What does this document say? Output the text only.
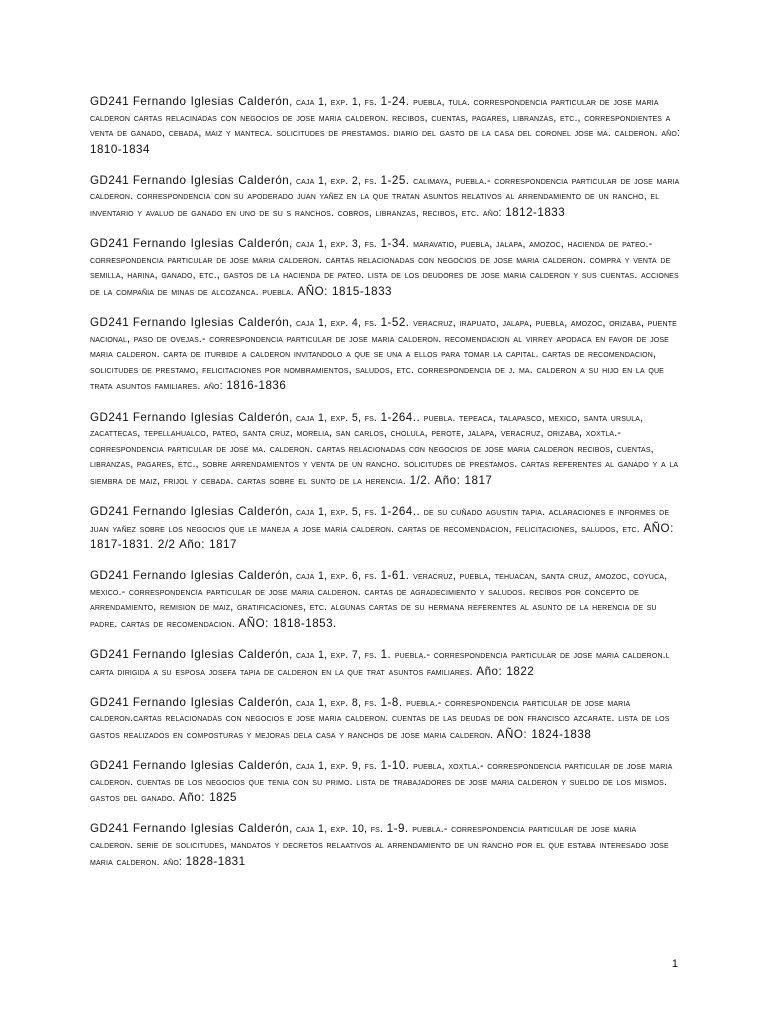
GD241 Fernando Iglesias Calderón, caja 1, exp. 1, fs. 1-24. puebla, tula. correspondencia particular de jose maria calderon cartas relacinadas con negocios de jose maria calderon. recibos, cuentas, pagares, libranzas, etc., correspondientes a venta de ganado, cebada, maiz y manteca. solicitudes de prestamos. diario del gasto de la casa del coronel jose ma. calderon. año: 1810-1834

GD241 Fernando Iglesias Calderón, caja 1, exp. 2, fs. 1-25. calimaya, puebla.- correspondencia particular de jose maria calderon. correspondencia con su apoderado juan yañez en la que tratan asuntos relativos al arrendamiento de un rancho, el inventario y avaluo de ganado en uno de su s ranchos. cobros, libranzas, recibos, etc. año: 1812-1833

GD241 Fernando Iglesias Calderón, caja 1, exp. 3, fs. 1-34. maravatio, puebla, jalapa, amozoc, hacienda de pateo.- correspondencia particular de jose maria calderon. cartas relacionadas con negocios de jose maria calderon. compra y venta de semilla, harina, ganado, etc., gastos de la hacienda de pateo. lista de los deudores de jose maria calderon y sus cuentas. acciones de la compañia de minas de alcozanca. puebla. AÑO: 1815-1833

GD241 Fernando Iglesias Calderón, caja 1, exp. 4, fs. 1-52. veracruz, irapuato, jalapa, puebla, amozoc, orizaba, puente nacional, paso de ovejas.- correspondencia particular de jose maria calderon. recomendacion al virrey apodaca en favor de jose maria calderon. carta de iturbide a calderon invitandolo a que se una a ellos para tomar la capital. cartas de recomendacion, solicitudes de prestamo, felicitaciones por nombramientos, saludos, etc. correspondencia de j. ma. calderon a su hijo en la que trata asuntos familiares. año: 1816-1836

GD241 Fernando Iglesias Calderón, caja 1, exp. 5, fs. 1-264.. puebla. tepeaca, talapasco, mexico, santa ursula, zacattecas, tepellahualco, pateo, santa cruz, morelia, san carlos, cholula, perote, jalapa, veracruz, orizaba, xoxtla.- correspondencia particular de jose ma. calderon. cartas relacionadas con negocios de jose maria calderon recibos, cuentas, libranzas, pagares, etc., sobre arrendamientos y venta de un rancho. solicitudes de prestamos. cartas referentes al ganado y a la siembra de maiz, frijol y cebada. cartas sobre el sunto de la herencia. 1/2. Año: 1817

GD241 Fernando Iglesias Calderón, caja 1, exp. 5, fs. 1-264.. de su cuñado agustin tapia. aclaraciones e informes de juan yañez sobre los negocios que le maneja a jose maria calderon. cartas de recomendacion, felicitaciones, saludos, etc. AÑO: 1817-1831. 2/2 Año: 1817

GD241 Fernando Iglesias Calderón, caja 1, exp. 6, fs. 1-61. veracruz, puebla, tehuacan, santa cruz, amozoc, coyuca, mexico.- correspondencia particular de jose maria calderon. cartas de agradecimiento y saludos. recibos por concepto de arrendamiento, remision de maiz, gratificaciones, etc. algunas cartas de su hermana referentes al asunto de la herencia de su padre. cartas de recomendacion. AÑO: 1818-1853.

GD241 Fernando Iglesias Calderón, caja 1, exp. 7, fs. 1. puebla.- correspondencia particular de jose maria calderon.l carta dirigida a su esposa josefa tapia de calderon en la que trat asuntos familiares. Año: 1822

GD241 Fernando Iglesias Calderón, caja 1, exp. 8, fs. 1-8. puebla.- correspondencia particular de jose maria calderon.cartas relacionadas con negocios e jose maria calderon. cuentas de las deudas de don francisco azcarate. lista de los gastos realizados en composturas y mejoras dela casa y ranchos de jose maria calderon. AÑO: 1824-1838

GD241 Fernando Iglesias Calderón, caja 1, exp. 9, fs. 1-10. puebla, xoxtla.- correspondencia particular de jose maria calderon. cuentas de los negocios que tenia con su primo. lista de trabajadores de jose maria calderon y sueldo de los mismos. gastos del ganado. Año: 1825

GD241 Fernando Iglesias Calderón, caja 1, exp. 10, fs. 1-9. puebla.- correspondencia particular de jose maria calderon. serie de solicitudes, mandatos y decretos relaativos al arrendamiento de un rancho por el que estaba interesado jose maria calderon. año: 1828-1831

1
